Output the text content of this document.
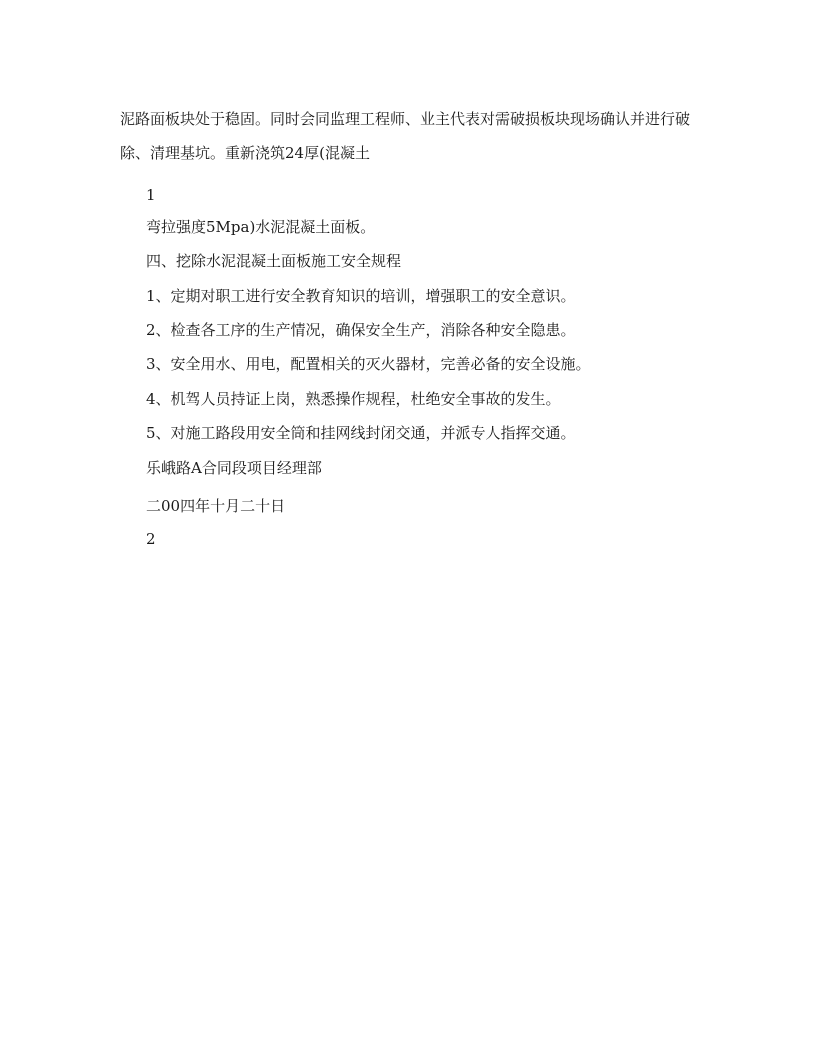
泥路面板块处于稳固。同时会同监理工程师、业主代表对需破损板块现场确认并进行破除、清理基坑。重新浇筑24厚(混凝土
1
弯拉强度5Mpa)水泥混凝土面板。
四、挖除水泥混凝土面板施工安全规程
1、定期对职工进行安全教育知识的培训，增强职工的安全意识。
2、检查各工序的生产情况，确保安全生产，消除各种安全隐患。
3、安全用水、用电，配置相关的灭火器材，完善必备的安全设施。
4、机驾人员持证上岗，熟悉操作规程，杜绝安全事故的发生。
5、对施工路段用安全筒和挂网线封闭交通，并派专人指挥交通。
乐峨路A合同段项目经理部
二00四年十月二十日
2
